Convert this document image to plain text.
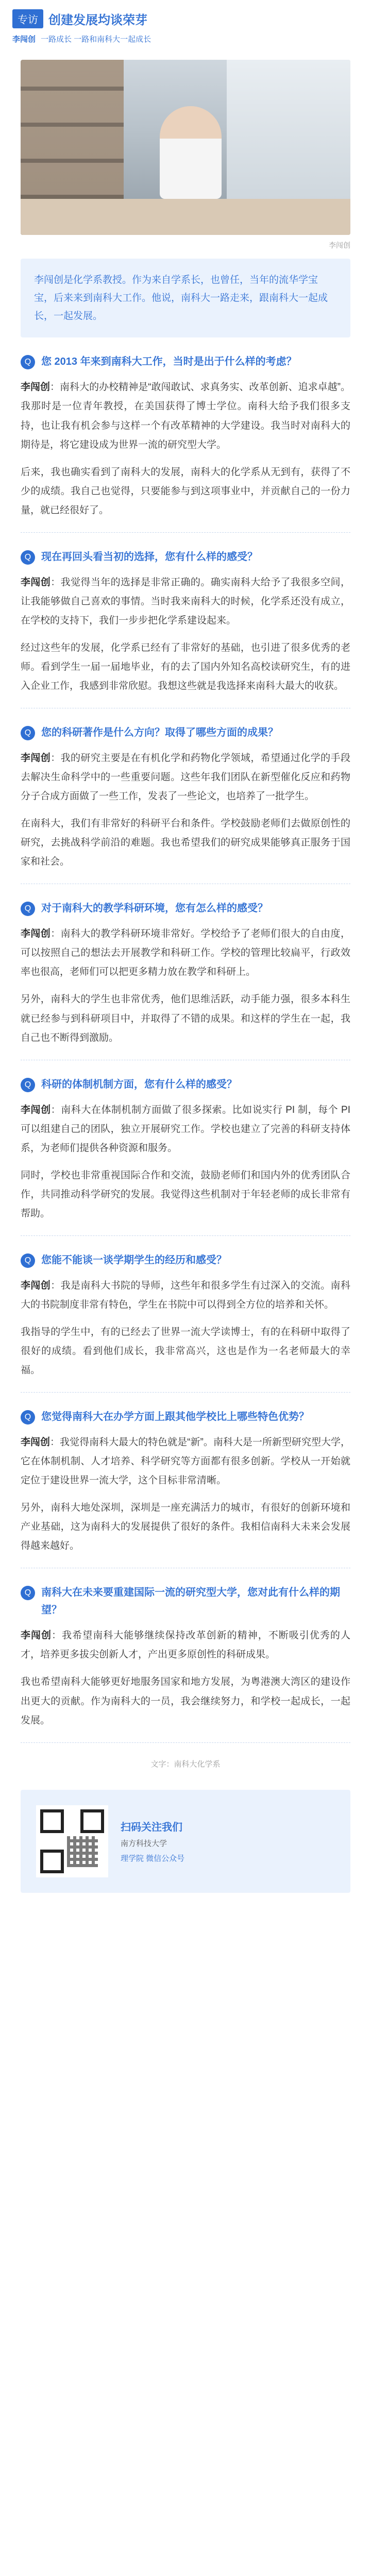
专访 创建发展均谈荣芽
李闯创 一路成长 一路和南科大一起成长
李闯创
李闯创是化学系教授。作为来自学系长，也曾任，当年的流华学宝宝，后来来到南科大工作。他说，南科大一路走来，跟南科大一起成长，一起发展。
Q 您 2013 年来到南科大工作，当时是出于什么样的考虑？

李闯创：南科大的办校精神是“敢闯敢试、求真务实、改革创新、追求卓越”。我那时是一位青年教授，在美国获得了博士学位。南科大给予我们很多支持，也让我有机会参与这样一个有改革精神的大学建设。我当时对南科大的期待是，将它建设成为世界一流的研究型大学。

后来，我也确实看到了南科大的发展，南科大的化学系从无到有，获得了不少的成绩。我自己也觉得，只要能参与到这项事业中，并贡献自己的一份力量，就已经很好了。

Q 现在再回头看当初的选择，您有什么样的感受？

李闯创：我觉得当年的选择是非常正确的。确实南科大给予了我很多空间，让我能够做自己喜欢的事情。当时我来南科大的时候，化学系还没有成立，在学校的支持下，我们一步步把化学系建设起来。

经过这些年的发展，化学系已经有了非常好的基础，也引进了很多优秀的老师。看到学生一届一届地毕业，有的去了国内外知名高校读研究生，有的进入企业工作，我感到非常欣慰。我想这些就是我选择来南科大最大的收获。

Q 您的科研著作是什么方向？取得了哪些方面的成果？

李闯创：我的研究主要是在有机化学和药物化学领域，希望通过化学的手段去解决生命科学中的一些重要问题。这些年我们团队在新型催化反应和药物分子合成方面做了一些工作，发表了一些论文，也培养了一批学生。

在南科大，我们有非常好的科研平台和条件。学校鼓励老师们去做原创性的研究，去挑战科学前沿的难题。我也希望我们的研究成果能够真正服务于国家和社会。

Q 对于南科大的教学科研环境，您有怎么样的感受？

李闯创：南科大的教学科研环境非常好。学校给予了老师们很大的自由度，可以按照自己的想法去开展教学和科研工作。学校的管理比较扁平，行政效率也很高，老师们可以把更多精力放在教学和科研上。

另外，南科大的学生也非常优秀，他们思维活跃，动手能力强，很多本科生就已经参与到科研项目中，并取得了不错的成果。和这样的学生在一起，我自己也不断得到激励。

Q 科研的体制机制方面，您有什么样的感受？

李闯创：南科大在体制机制方面做了很多探索。比如说实行 PI 制，每个 PI 可以组建自己的团队，独立开展研究工作。学校也建立了完善的科研支持体系，为老师们提供各种资源和服务。

同时，学校也非常重视国际合作和交流，鼓励老师们和国内外的优秀团队合作，共同推动科学研究的发展。我觉得这些机制对于年轻老师的成长非常有帮助。

Q 您能不能谈一谈学期学生的经历和感受？

李闯创：我是南科大书院的导师，这些年和很多学生有过深入的交流。南科大的书院制度非常有特色，学生在书院中可以得到全方位的培养和关怀。

我指导的学生中，有的已经去了世界一流大学读博士，有的在科研中取得了很好的成绩。看到他们成长，我非常高兴，这也是作为一名老师最大的幸福。

Q 您觉得南科大在办学方面上跟其他学校比上哪些特色优势？

李闯创：我觉得南科大最大的特色就是“新”。南科大是一所新型研究型大学，它在体制机制、人才培养、科学研究等方面都有很多创新。学校从一开始就定位于建设世界一流大学，这个目标非常清晰。

另外，南科大地处深圳，深圳是一座充满活力的城市，有很好的创新环境和产业基础，这为南科大的发展提供了很好的条件。我相信南科大未来会发展得越来越好。

Q 南科大在未来要重建国际一流的研究型大学，您对此有什么样的期望？

李闯创：我希望南科大能够继续保持改革创新的精神，不断吸引优秀的人才，培养更多拔尖创新人才，产出更多原创性的科研成果。

我也希望南科大能够更好地服务国家和地方发展，为粤港澳大湾区的建设作出更大的贡献。作为南科大的一员，我会继续努力，和学校一起成长，一起发展。

文字：南科大化学系
扫码关注我们
南方科技大学
理学院 微信公众号
